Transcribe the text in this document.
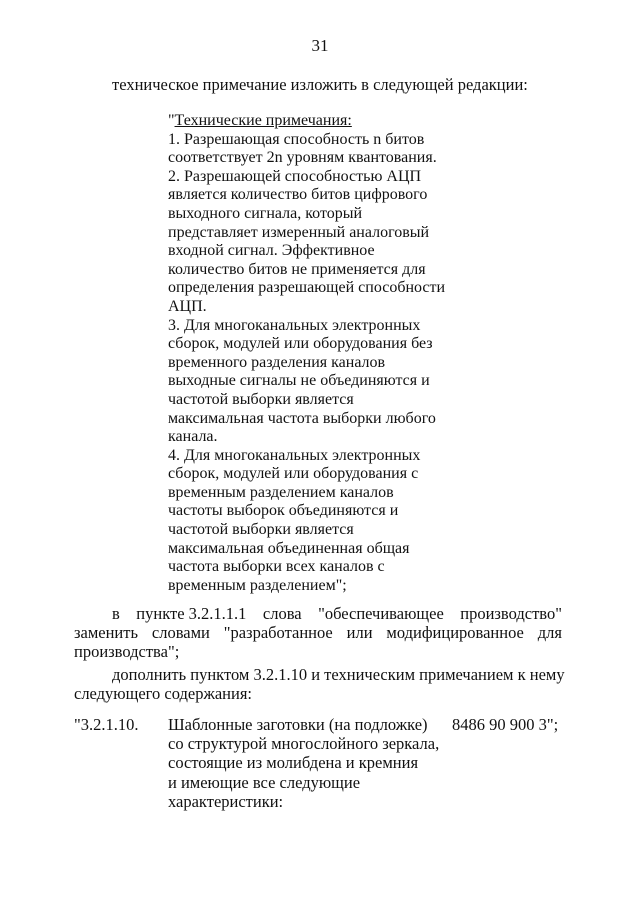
31
техническое примечание изложить в следующей редакции:
"Технические примечания:
1. Разрешающая способность n битов
соответствует 2n уровням квантования.
2. Разрешающей способностью АЦП
является количество битов цифрового
выходного сигнала, который
представляет измеренный аналоговый
входной сигнал. Эффективное
количество битов не применяется для
определения разрешающей способности
АЦП.
3. Для многоканальных электронных
сборок, модулей или оборудования без
временного разделения каналов
выходные сигналы не объединяются и
частотой выборки является
максимальная частота выборки любого
канала.
4. Для многоканальных электронных
сборок, модулей или оборудования с
временным разделением каналов
частоты выборок объединяются и
частотой выборки является
максимальная объединенная общая
частота выборки всех каналов с
временным разделением";
в пункте 3.2.1.1.1 слова "обеспечивающее производство"
заменить словами "разработанное или модифицированное для
производства";
дополнить пунктом 3.2.1.10 и техническим примечанием к нему
следующего содержания:
"3.2.1.10. Шаблонные заготовки (на подложке)
со структурой многослойного зеркала,
состоящие из молибдена и кремния
и имеющие все следующие
характеристики:
8486 90 900 3";
